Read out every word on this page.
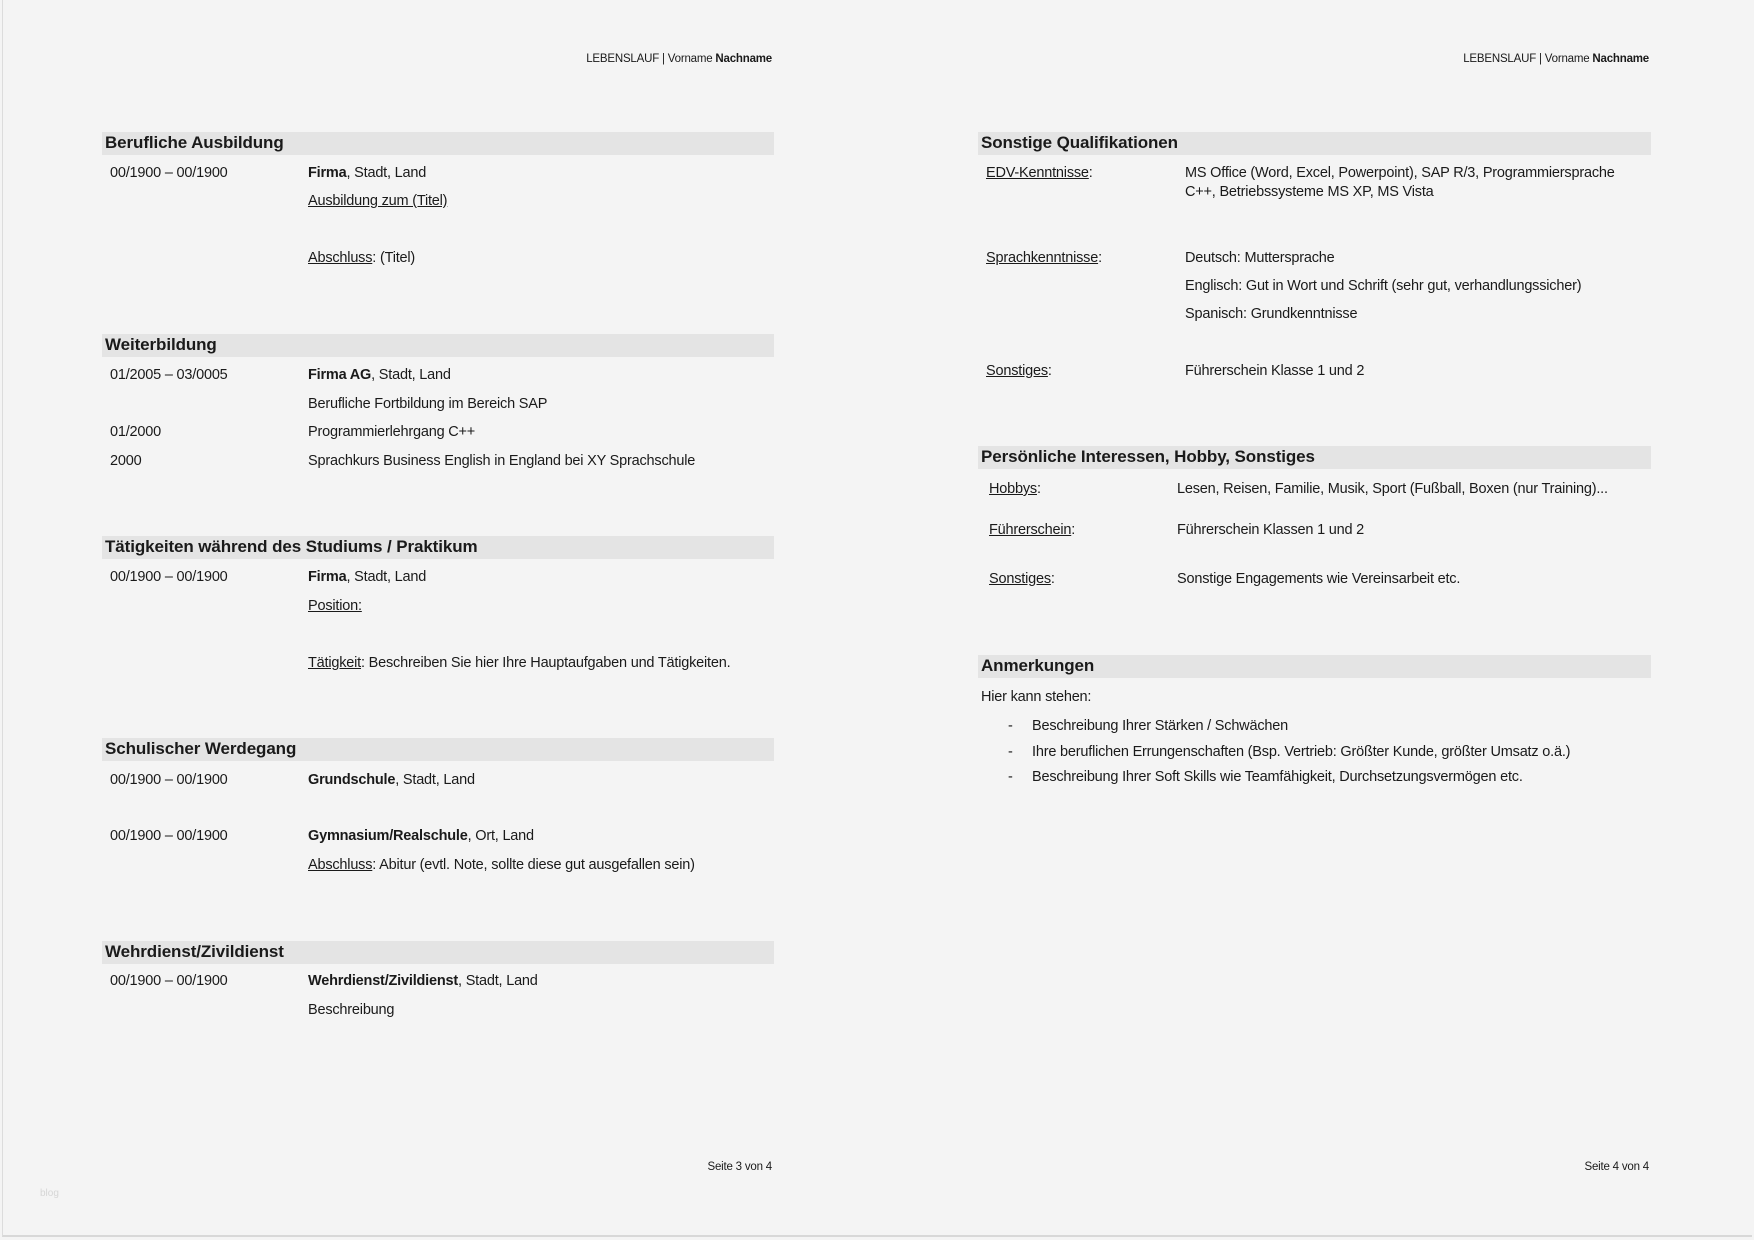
blog
LEBENSLAUF | Vorname Nachname
Berufliche Ausbildung
00/1900 – 00/1900	Firma, Stadt, Land
Ausbildung zum (Titel)
Abschluss: (Titel)
Weiterbildung
01/2005 – 03/0005	Firma AG, Stadt, Land
Berufliche Fortbildung im Bereich SAP
01/2000	Programmierlehrgang C++
2000	Sprachkurs Business English in England bei XY Sprachschule
Tätigkeiten während des Studiums / Praktikum
00/1900 – 00/1900	Firma, Stadt, Land
Position:
Tätigkeit: Beschreiben Sie hier Ihre Hauptaufgaben und Tätigkeiten.
Schulischer Werdegang
00/1900 – 00/1900	Grundschule, Stadt, Land
00/1900 – 00/1900	Gymnasium/Realschule, Ort, Land
Abschluss: Abitur (evtl. Note, sollte diese gut ausgefallen sein)
Wehrdienst/Zivildienst
00/1900 – 00/1900	Wehrdienst/Zivildienst, Stadt, Land
Beschreibung
Seite 3 von 4
LEBENSLAUF | Vorname Nachname
Sonstige Qualifikationen
EDV-Kenntnisse:	MS Office (Word, Excel, Powerpoint), SAP R/3, Programmiersprache
C++, Betriebssysteme MS XP, MS Vista
Sprachkenntnisse:	Deutsch: Muttersprache
Englisch: Gut in Wort und Schrift (sehr gut, verhandlungssicher)
Spanisch: Grundkenntnisse
Sonstiges:	Führerschein Klasse 1 und 2
Persönliche Interessen, Hobby, Sonstiges
Hobbys:	Lesen, Reisen, Familie, Musik, Sport (Fußball, Boxen (nur Training)...
Führerschein:	Führerschein Klassen 1 und 2
Sonstiges:	Sonstige Engagements wie Vereinsarbeit etc.
Anmerkungen
Hier kann stehen:
- Beschreibung Ihrer Stärken / Schwächen
- Ihre beruflichen Errungenschaften (Bsp. Vertrieb: Größter Kunde, größter Umsatz o.ä.)
- Beschreibung Ihrer Soft Skills wie Teamfähigkeit, Durchsetzungsvermögen etc.
Seite 4 von 4
